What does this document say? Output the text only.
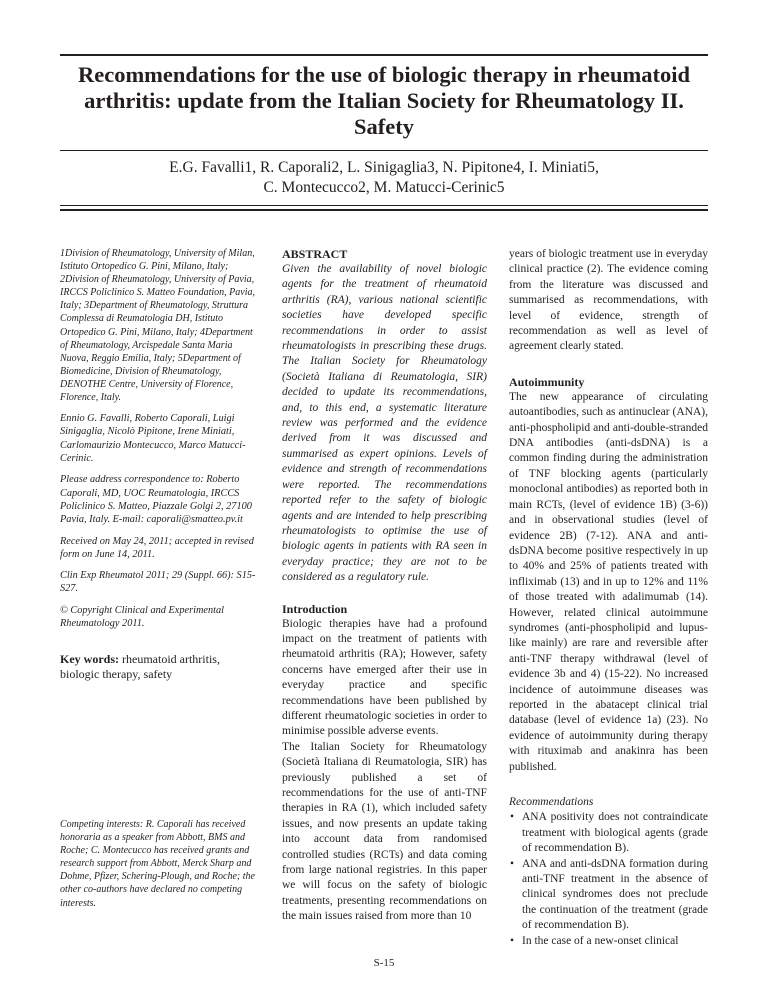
Recommendations for the use of biologic therapy in rheumatoid arthritis: update from the Italian Society for Rheumatology II. Safety
E.G. Favalli1, R. Caporali2, L. Sinigaglia3, N. Pipitone4, I. Miniati5,
C. Montecucco2, M. Matucci-Cerinic5

1Division of Rheumatology, University of Milan, Istituto Ortopedico G. Pini, Milano, Italy; 2Division of Rheumatology, University of Pavia, IRCCS Policlinico S. Matteo Foundation, Pavia, Italy; 3Department of Rheumatology, Struttura Complessa di Reumatologia DH, Istituto Ortopedico G. Pini, Milano, Italy; 4Department of Rheumatology, Arcispedale Santa Maria Nuova, Reggio Emilia, Italy; 5Department of Biomedicine, Division of Rheumatology, DENOTHE Centre, University of Florence, Florence, Italy.

Ennio G. Favalli, Roberto Caporali, Luigi Sinigaglia, Nicolò Pipitone, Irene Miniati, Carlomaurizio Montecucco, Marco Matucci-Cerinic.

Please address correspondence to: Roberto Caporali, MD, UOC Reumatologia, IRCCS Policlinico S. Matteo, Piazzale Golgi 2, 27100 Pavia, Italy. E-mail: caporali@smatteo.pv.it

Received on May 24, 2011; accepted in revised form on June 14, 2011.

Clin Exp Rheumatol 2011; 29 (Suppl. 66): S15-S27.

© Copyright Clinical and Experimental Rheumatology 2011.

Key words: rheumatoid arthritis, biologic therapy, safety

Competing interests: R. Caporali has received honoraria as a speaker from Abbott, BMS and Roche; C. Montecucco has received grants and research support from Abbott, Merck Sharp and Dohme, Pfizer, Schering-Plough, and Roche; the other co-authors have declared no competing interests.

ABSTRACT

Given the availability of novel biologic agents for the treatment of rheumatoid arthritis (RA), various national scientific societies have developed specific recommendations in order to assist rheumatologists in prescribing these drugs. The Italian Society for Rheumatology (Società Italiana di Reumatologia, SIR) decided to update its recommendations, and, to this end, a systematic literature review was performed and the evidence derived from it was discussed and summarised as expert opinions. Levels of evidence and strength of recommendations were reported. The recommendations reported refer to the safety of biologic agents and are intended to help prescribing rheumatologists to optimise the use of biologic agents in patients with RA seen in everyday practice; they are not to be considered as a regulatory rule.

Introduction

Biologic therapies have had a profound impact on the treatment of patients with rheumatoid arthritis (RA); However, safety concerns have emerged after their use in everyday practice and specific recommendations have been published by different rheumatologic societies in order to minimise possible adverse events.

The Italian Society for Rheumatology (Società Italiana di Reumatologia, SIR) has previously published a set of recommendations for the use of anti-TNF therapies in RA (1), which included safety issues, and now presents an update taking into account data from randomised controlled studies (RCTs) and data coming from large national registries. In this paper we will focus on the safety of biologic treatments, presenting recommendations on the main issues raised from more than 10

years of biologic treatment use in everyday clinical practice (2). The evidence coming from the literature was discussed and summarised as recommendations, with level of evidence, strength of recommendation as well as level of agreement clearly stated.

Autoimmunity

The new appearance of circulating autoantibodies, such as antinuclear (ANA), anti-phospholipid and anti-double-stranded DNA antibodies (anti-dsDNA) is a common finding during the administration of TNF blocking agents (particularly monoclonal antibodies) as reported both in main RCTs, (level of evidence 1B) (3-6)) and in observational studies (level of evidence 2B) (7-12). ANA and anti-dsDNA become positive respectively in up to 40% and 25% of patients treated with infliximab (13) and in up to 12% and 11% of those treated with adalimumab (14). However, related clinical autoimmune syndromes (anti-phospholipid and lupus-like mainly) are rare and reversible after anti-TNF therapy withdrawal (level of evidence 3b and 4) (15-22). No increased incidence of autoimmune diseases was reported in the abatacept clinical trial database (level of evidence 1a) (23). No evidence of autoimmunity during therapy with rituximab and anakinra has been published.

Recommendations
• ANA positivity does not contraindicate treatment with biological agents (grade of recommendation B).
• ANA and anti-dsDNA formation during anti-TNF treatment in the absence of clinical syndromes does not preclude the continuation of the treatment (grade of recommendation B).
• In the case of a new-onset clinical

S-15
